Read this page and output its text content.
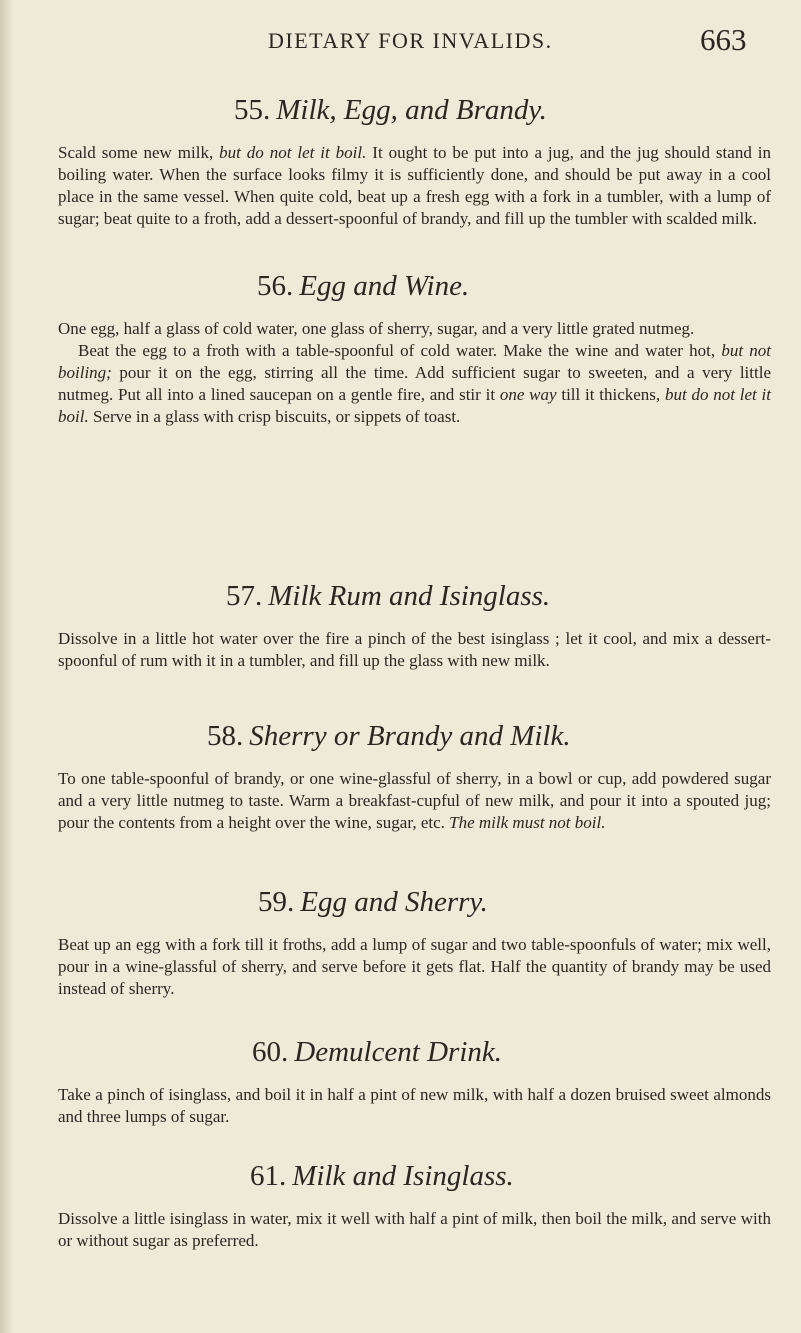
DIETARY FOR INVALIDS.	663
55. Milk, Egg, and Brandy.

Scald some new milk, but do not let it boil. It ought to be put into a jug, and the jug should stand in boiling water. When the surface looks filmy it is sufficiently done, and should be put away in a cool place in the same vessel. When quite cold, beat up a fresh egg with a fork in a tumbler, with a lump of sugar; beat quite to a froth, add a dessert-spoonful of brandy, and fill up the tumbler with scalded milk.

56. Egg and Wine.

One egg, half a glass of cold water, one glass of sherry, sugar, and a very little grated nutmeg.

Beat the egg to a froth with a table-spoonful of cold water. Make the wine and water hot, but not boiling; pour it on the egg, stirring all the time. Add sufficient sugar to sweeten, and a very little nutmeg. Put all into a lined saucepan on a gentle fire, and stir it one way till it thickens, but do not let it boil. Serve in a glass with crisp biscuits, or sippets of toast.

57. Milk Rum and Isinglass.

Dissolve in a little hot water over the fire a pinch of the best isinglass ; let it cool, and mix a dessert-spoonful of rum with it in a tumbler, and fill up the glass with new milk.

58. Sherry or Brandy and Milk.

To one table-spoonful of brandy, or one wine-glassful of sherry, in a bowl or cup, add powdered sugar and a very little nutmeg to taste. Warm a breakfast-cupful of new milk, and pour it into a spouted jug; pour the contents from a height over the wine, sugar, etc. The milk must not boil.

59. Egg and Sherry.

Beat up an egg with a fork till it froths, add a lump of sugar and two table-spoonfuls of water; mix well, pour in a wine-glassful of sherry, and serve before it gets flat. Half the quantity of brandy may be used instead of sherry.

60. Demulcent Drink.

Take a pinch of isinglass, and boil it in half a pint of new milk, with half a dozen bruised sweet almonds and three lumps of sugar.

61. Milk and Isinglass.

Dissolve a little isinglass in water, mix it well with half a pint of milk, then boil the milk, and serve with or without sugar as preferred.
